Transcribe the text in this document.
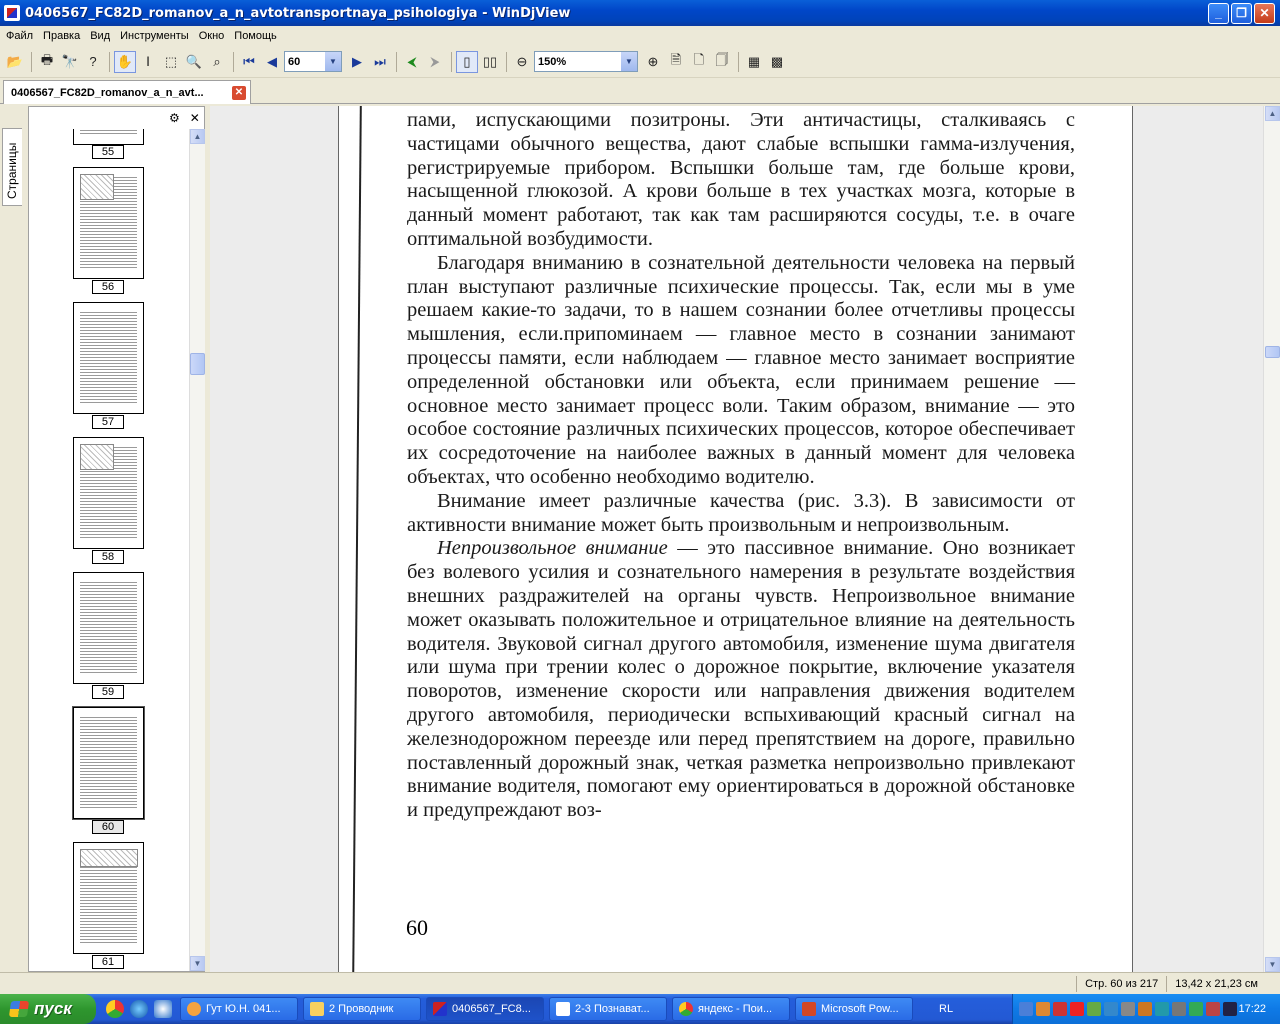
0406567_FC82D_romanov_a_n_avtotransportnaya_psihologiya - WinDjView	_	❐	✕
Файл Правка Вид Инструменты Окно Помощь
📂	🖶 🔭 ?	✋ Ⅰ	⬚ 🔍 ⌕	⏮ ◀	60	▼	▶ ⏭	⮜	⮞	▯ ▯▯	⊖ 150%	▼	⊕ 🗎 🗋 🗍	▦ ▩
0406567_FC82D_romanov_a_n_avt...	✕
Страницы
⚙ ✕
55
56
57
58
59
60
61
▲
▼

пами, испускающими позитроны. Эти античастицы, сталкиваясь с частицами обычного вещества, дают слабые вспышки гамма-излучения, регистрируемые прибором. Вспышки больше там, где больше крови, насыщенной глюкозой. А крови больше в тех участках мозга, которые в данный момент работают, так как там расширяются сосуды, т.е. в очаге оптимальной возбудимости.

Благодаря вниманию в сознательной деятельности человека на первый план выступают различные психические процессы. Так, если мы в уме решаем какие-то задачи, то в нашем сознании более отчетливы процессы мышления, если.припоминаем — главное место в сознании занимают процессы памяти, если наблюдаем — главное место занимает восприятие определенной обстановки или объекта, если принимаем решение — основное место занимает процесс воли. Таким образом, внимание — это особое состояние различных психических процессов, которое обеспечивает их сосредоточение на наиболее важных в данный момент для человека объектах, что особенно необходимо водителю.

Внимание имеет различные качества (рис. 3.3). В зависимости от активности внимание может быть произвольным и непроизвольным.

Непроизвольное внимание — это пассивное внимание. Оно возникает без волевого усилия и сознательного намерения в результате воздействия внешних раздражителей на органы чувств. Непроизвольное внимание может оказывать положительное и отрицательное влияние на деятельность водителя. Звуковой сигнал другого автомобиля, изменение шума двигателя или шума при трении колес о дорожное покрытие, включение указателя поворотов, изменение скорости или направления движения водителем другого автомобиля, периодически вспыхивающий красный сигнал на железнодорожном переезде или перед препятствием на дороге, правильно поставленный дорожный знак, четкая разметка непроизвольно привлекают внимание водителя, помогают ему ориентироваться в дорожной обстановке и предупреждают воз-

60
▲
▼
Стр. 60 из 217	13,42 x 21,23 см
пуск	Гут Ю.Н. 041...	2 Проводник	0406567_FC8...	2-3 Познават...	яндекс - Пои...	Microsoft Pow...	RL	17:22
